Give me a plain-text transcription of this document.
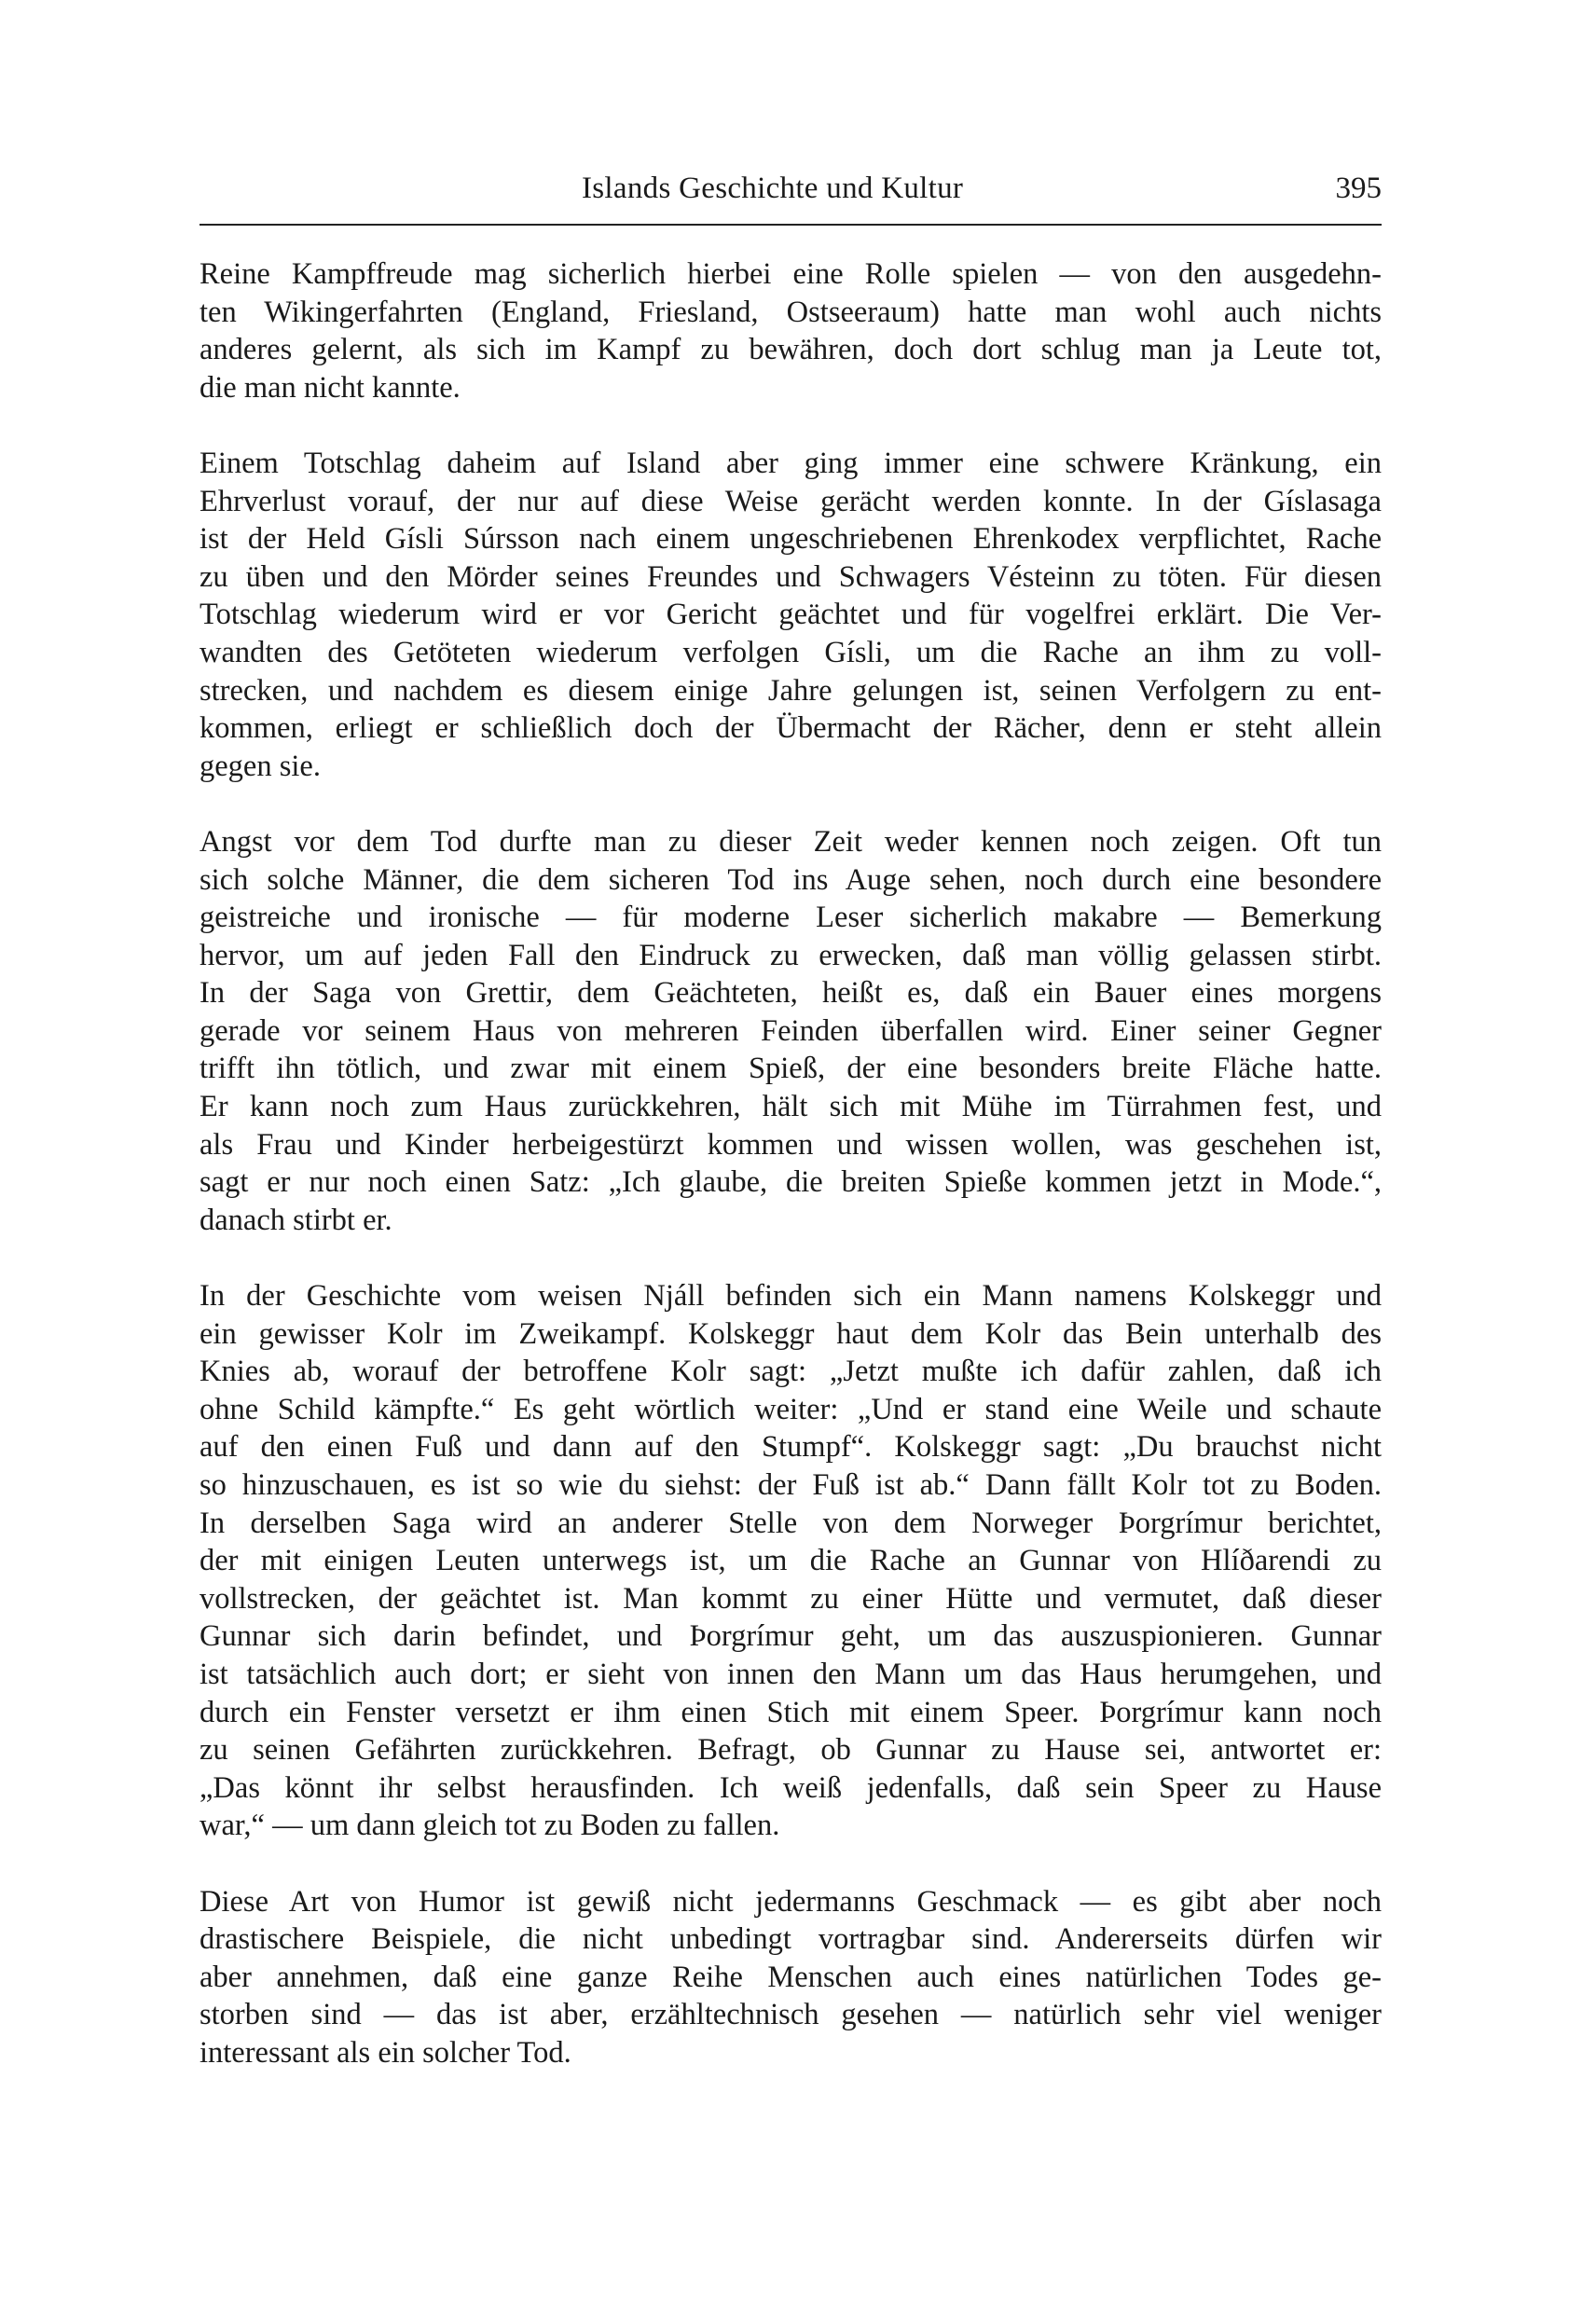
Islands Geschichte und Kultur	395
Reine Kampffreude mag sicherlich hierbei eine Rolle spielen — von den ausgedehn-
ten Wikingerfahrten (England, Friesland, Ostseeraum) hatte man wohl auch nichts
anderes gelernt, als sich im Kampf zu bewähren, doch dort schlug man ja Leute tot,
die man nicht kannte.
Einem Totschlag daheim auf Island aber ging immer eine schwere Kränkung, ein
Ehrverlust vorauf, der nur auf diese Weise gerächt werden konnte. In der Gíslasaga
ist der Held Gísli Súrsson nach einem ungeschriebenen Ehrenkodex verpflichtet, Rache
zu üben und den Mörder seines Freundes und Schwagers Vésteinn zu töten. Für diesen
Totschlag wiederum wird er vor Gericht geächtet und für vogelfrei erklärt. Die Ver-
wandten des Getöteten wiederum verfolgen Gísli, um die Rache an ihm zu voll-
strecken, und nachdem es diesem einige Jahre gelungen ist, seinen Verfolgern zu ent-
kommen, erliegt er schließlich doch der Übermacht der Rächer, denn er steht allein
gegen sie.
Angst vor dem Tod durfte man zu dieser Zeit weder kennen noch zeigen. Oft tun
sich solche Männer, die dem sicheren Tod ins Auge sehen, noch durch eine besondere
geistreiche und ironische — für moderne Leser sicherlich makabre — Bemerkung
hervor, um auf jeden Fall den Eindruck zu erwecken, daß man völlig gelassen stirbt.
In der Saga von Grettir, dem Geächteten, heißt es, daß ein Bauer eines morgens
gerade vor seinem Haus von mehreren Feinden überfallen wird. Einer seiner Gegner
trifft ihn tötlich, und zwar mit einem Spieß, der eine besonders breite Fläche hatte.
Er kann noch zum Haus zurückkehren, hält sich mit Mühe im Türrahmen fest, und
als Frau und Kinder herbeigestürzt kommen und wissen wollen, was geschehen ist,
sagt er nur noch einen Satz: „Ich glaube, die breiten Spieße kommen jetzt in Mode.“,
danach stirbt er.
In der Geschichte vom weisen Njáll befinden sich ein Mann namens Kolskeggr und
ein gewisser Kolr im Zweikampf. Kolskeggr haut dem Kolr das Bein unterhalb des
Knies ab, worauf der betroffene Kolr sagt: „Jetzt mußte ich dafür zahlen, daß ich
ohne Schild kämpfte.“ Es geht wörtlich weiter: „Und er stand eine Weile und schaute
auf den einen Fuß und dann auf den Stumpf“. Kolskeggr sagt: „Du brauchst nicht
so hinzuschauen, es ist so wie du siehst: der Fuß ist ab.“ Dann fällt Kolr tot zu Boden.
In derselben Saga wird an anderer Stelle von dem Norweger Þorgrímur berichtet,
der mit einigen Leuten unterwegs ist, um die Rache an Gunnar von Hlíðarendi zu
vollstrecken, der geächtet ist. Man kommt zu einer Hütte und vermutet, daß dieser
Gunnar sich darin befindet, und Þorgrímur geht, um das auszuspionieren. Gunnar
ist tatsächlich auch dort; er sieht von innen den Mann um das Haus herumgehen, und
durch ein Fenster versetzt er ihm einen Stich mit einem Speer. Þorgrímur kann noch
zu seinen Gefährten zurückkehren. Befragt, ob Gunnar zu Hause sei, antwortet er:
„Das könnt ihr selbst herausfinden. Ich weiß jedenfalls, daß sein Speer zu Hause
war,“ — um dann gleich tot zu Boden zu fallen.
Diese Art von Humor ist gewiß nicht jedermanns Geschmack — es gibt aber noch
drastischere Beispiele, die nicht unbedingt vortragbar sind. Andererseits dürfen wir
aber annehmen, daß eine ganze Reihe Menschen auch eines natürlichen Todes ge-
storben sind — das ist aber, erzähltechnisch gesehen — natürlich sehr viel weniger
interessant als ein solcher Tod.
